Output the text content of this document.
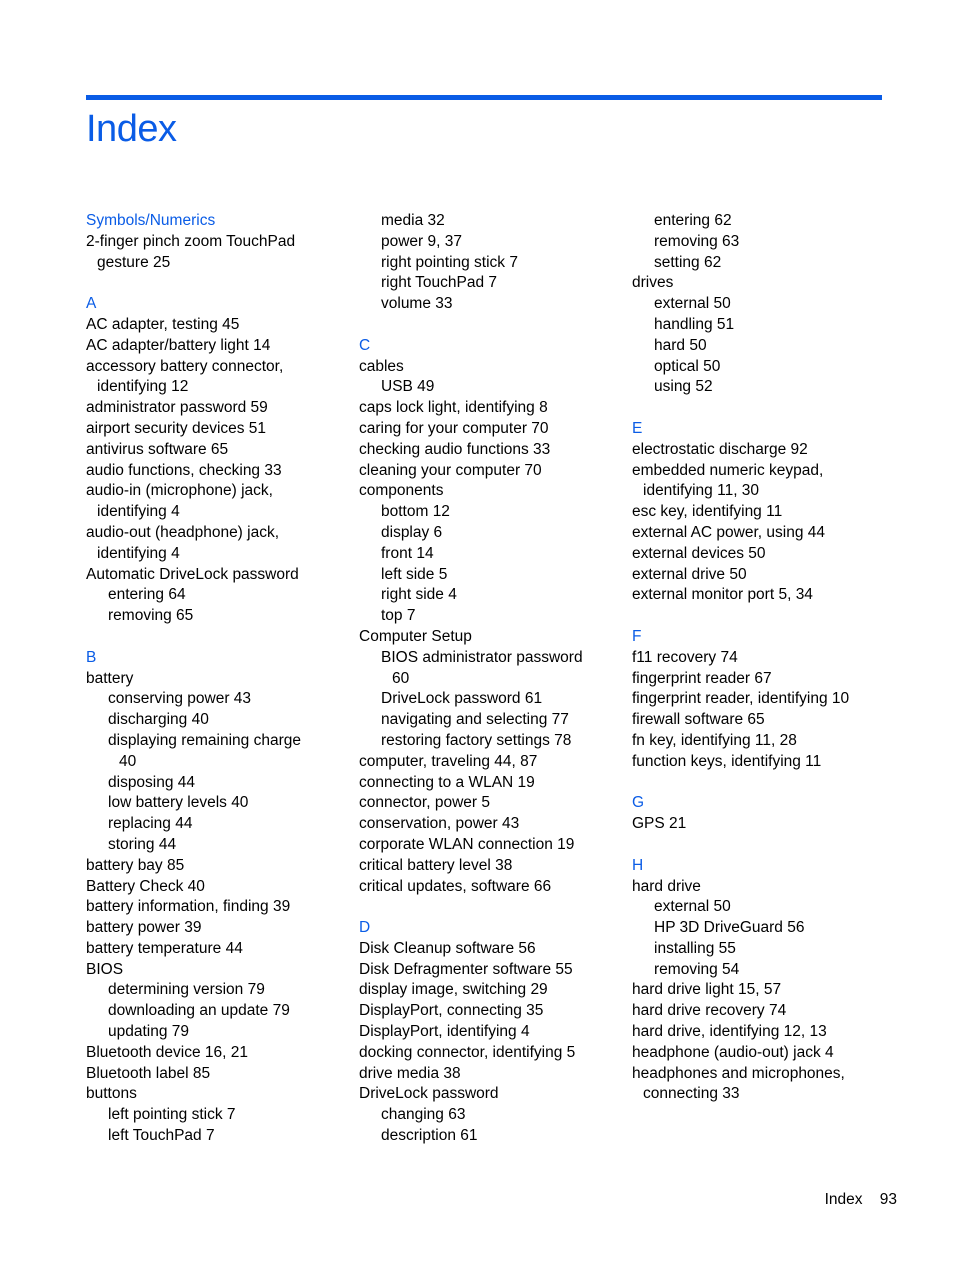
Index
Symbols/Numerics
2-finger pinch zoom TouchPad
gesture 25
A
AC adapter, testing 45
AC adapter/battery light 14
accessory battery connector,
identifying 12
administrator password 59
airport security devices 51
antivirus software 65
audio functions, checking 33
audio-in (microphone) jack,
identifying 4
audio-out (headphone) jack,
identifying 4
Automatic DriveLock password
entering 64
removing 65
B
battery
conserving power 43
discharging 40
displaying remaining charge
40
disposing 44
low battery levels 40
replacing 44
storing 44
battery bay 85
Battery Check 40
battery information, finding 39
battery power 39
battery temperature 44
BIOS
determining version 79
downloading an update 79
updating 79
Bluetooth device 16, 21
Bluetooth label 85
buttons
left pointing stick 7
left TouchPad 7
media 32
power 9, 37
right pointing stick 7
right TouchPad 7
volume 33
C
cables
USB 49
caps lock light, identifying 8
caring for your computer 70
checking audio functions 33
cleaning your computer 70
components
bottom 12
display 6
front 14
left side 5
right side 4
top 7
Computer Setup
BIOS administrator password
60
DriveLock password 61
navigating and selecting 77
restoring factory settings 78
computer, traveling 44, 87
connecting to a WLAN 19
connector, power 5
conservation, power 43
corporate WLAN connection 19
critical battery level 38
critical updates, software 66
D
Disk Cleanup software 56
Disk Defragmenter software 55
display image, switching 29
DisplayPort, connecting 35
DisplayPort, identifying 4
docking connector, identifying 5
drive media 38
DriveLock password
changing 63
description 61
entering 62
removing 63
setting 62
drives
external 50
handling 51
hard 50
optical 50
using 52
E
electrostatic discharge 92
embedded numeric keypad,
identifying 11, 30
esc key, identifying 11
external AC power, using 44
external devices 50
external drive 50
external monitor port 5, 34
F
f11 recovery 74
fingerprint reader 67
fingerprint reader, identifying 10
firewall software 65
fn key, identifying 11, 28
function keys, identifying 11
G
GPS 21
H
hard drive
external 50
HP 3D DriveGuard 56
installing 55
removing 54
hard drive light 15, 57
hard drive recovery 74
hard drive, identifying 12, 13
headphone (audio-out) jack 4
headphones and microphones,
connecting 33
Index 93
